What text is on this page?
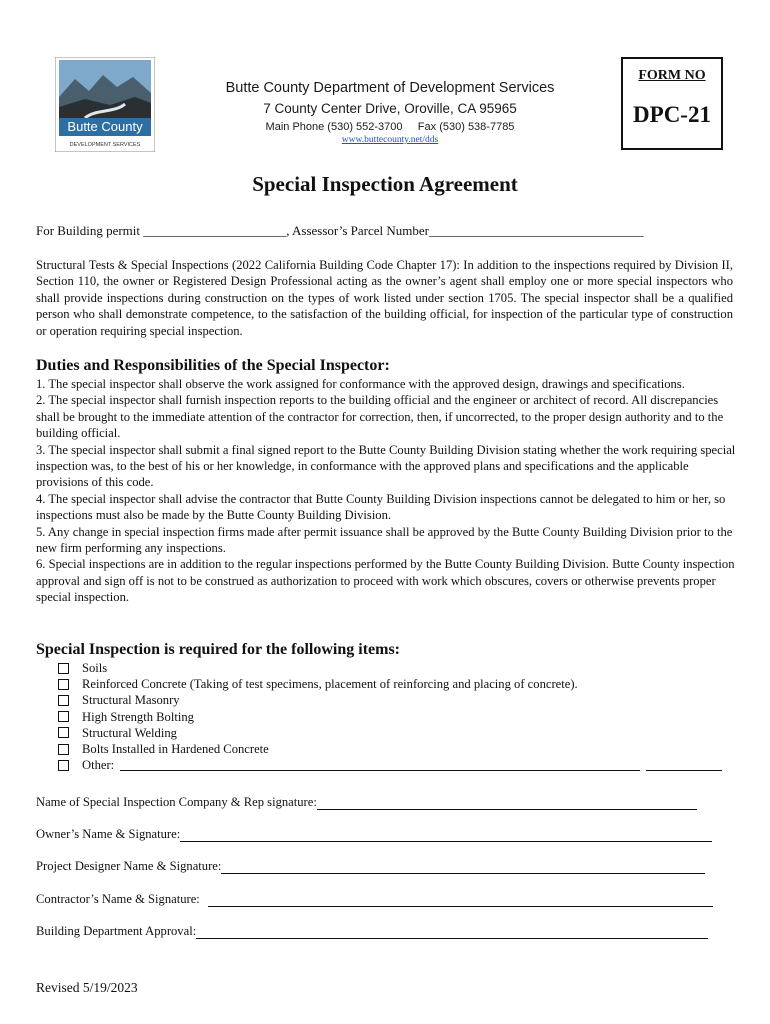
Butte County
DEVELOPMENT SERVICES
Butte County Department of Development Services
7 County Center Drive, Oroville, CA 95965
Main Phone (530) 552-3700     Fax (530) 538-7785
www.buttecounty.net/dds
FORM NO
DPC-21
Special Inspection Agreement
For Building permit ______________________, Assessor’s Parcel Number_________________________________
Structural Tests & Special Inspections (2022 California Building Code Chapter 17): In addition to the inspections required by Division II, Section 110, the owner or Registered Design Professional acting as the owner’s agent shall employ one or more special inspectors who shall provide inspections during construction on the types of work listed under section 1705. The special inspector shall be a qualified person who shall demonstrate competence, to the satisfaction of the building official, for inspection of the particular type of construction or operation requiring special inspection.
Duties and Responsibilities of the Special Inspector:

1. The special inspector shall observe the work assigned for conformance with the approved design, drawings and specifications.

2. The special inspector shall furnish inspection reports to the building official and the engineer or architect of record. All discrepancies shall be brought to the immediate attention of the contractor for correction, then, if uncorrected, to the proper design authority and to the building official.

3. The special inspector shall submit a final signed report to the Butte County Building Division stating whether the work requiring special inspection was, to the best of his or her knowledge, in conformance with the approved plans and specifications and the applicable provisions of this code.

4. The special inspector shall advise the contractor that Butte County Building Division inspections cannot be delegated to him or her, so inspections must also be made by the Butte County Building Division.

5. Any change in special inspection firms made after permit issuance shall be approved by the Butte County Building Division prior to the new firm performing any inspections.

6. Special inspections are in addition to the regular inspections performed by the Butte County Building Division. Butte County inspection approval and sign off is not to be construed as authorization to proceed with work which obscures, covers or otherwise prevents proper special inspection.

Special Inspection is required for the following items:
Soils
Reinforced Concrete (Taking of test specimens, placement of reinforcing and placing of concrete).
Structural Masonry
High Strength Bolting
Structural Welding
Bolts Installed in Hardened Concrete
Other:
Name of Special Inspection Company & Rep signature:
Owner’s Name & Signature:
Project Designer Name & Signature:
Contractor’s Name & Signature:
Building Department Approval:
Revised 5/19/2023
